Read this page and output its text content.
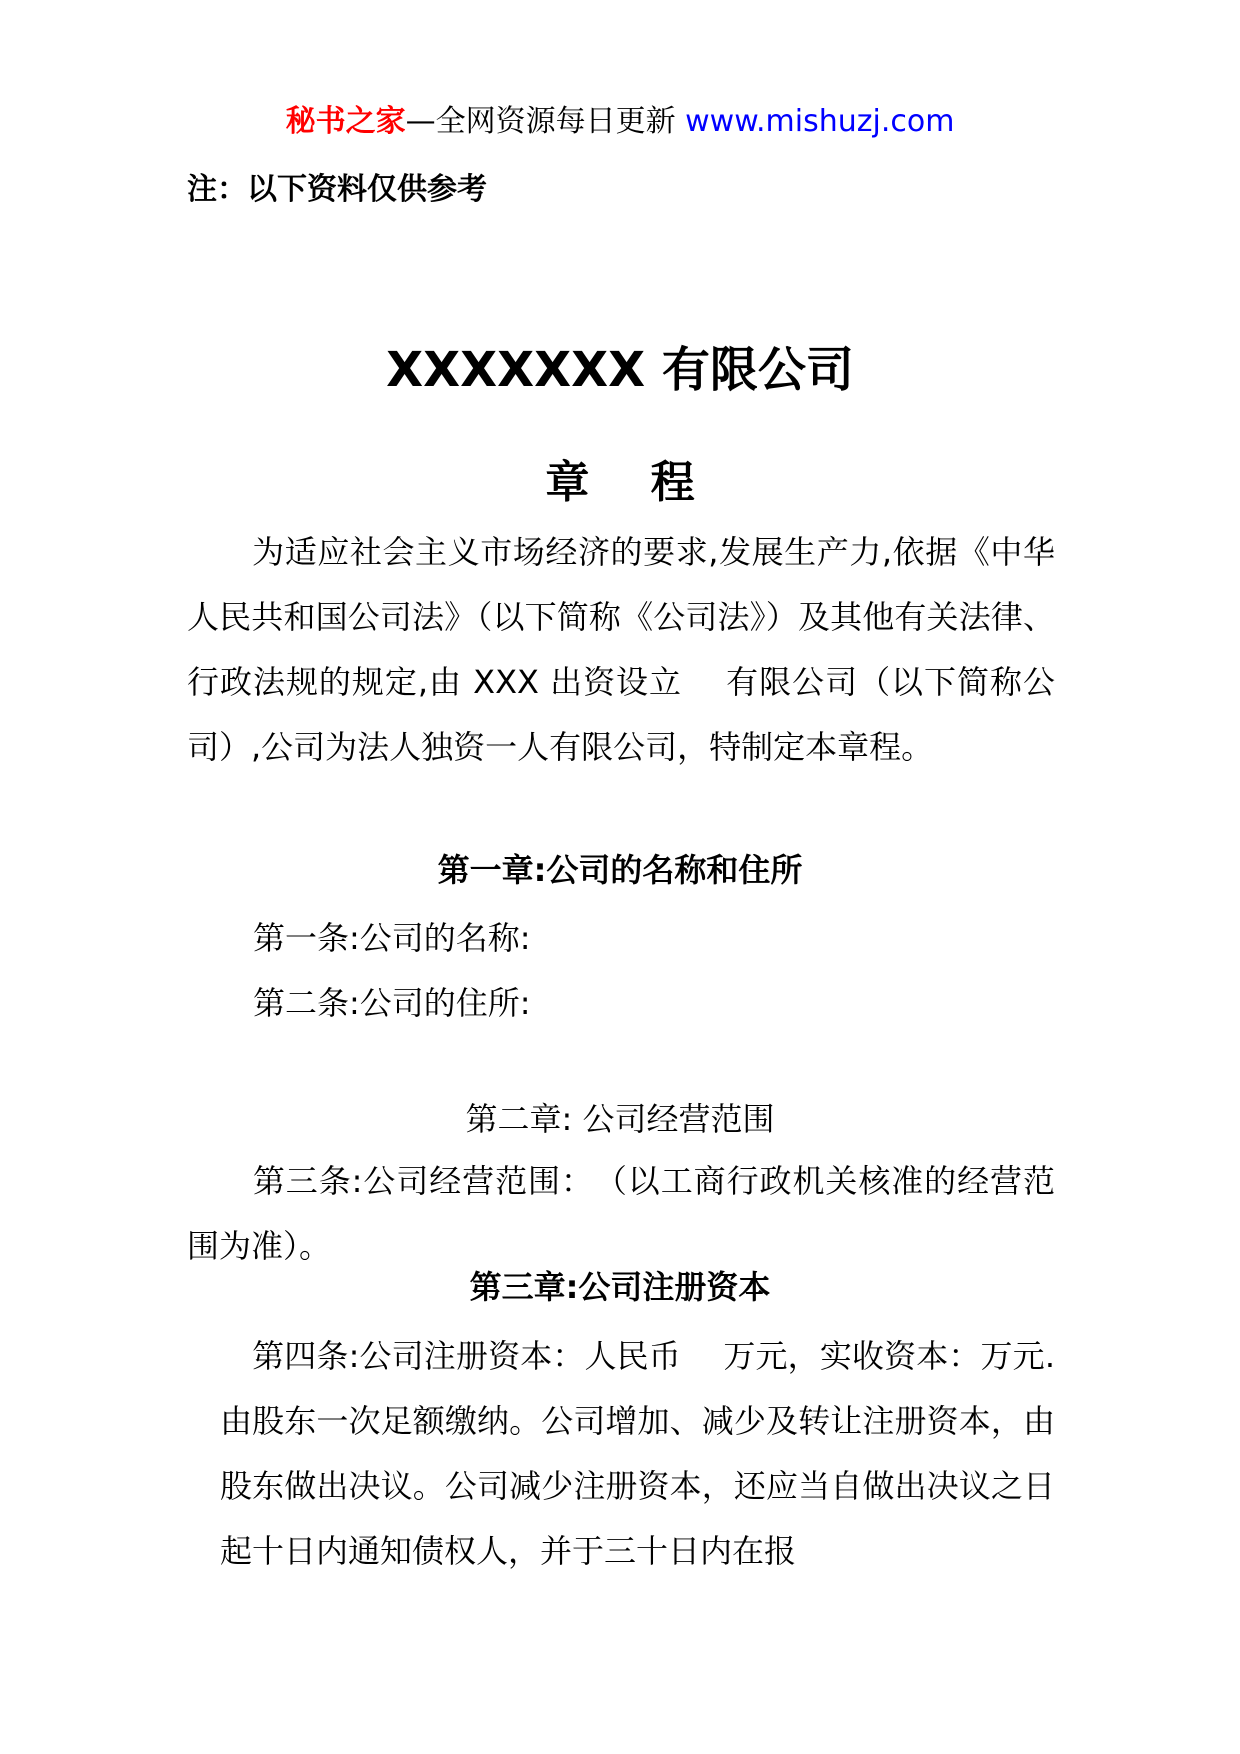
秘书之家—全网资源每日更新 www.mishuzj.com
注：以下资料仅供参考
XXXXXXX 有限公司
章    程
　　为适应社会主义市场经济的要求,发展生产力,依据《中华人民共和国公司法》（以下简称《公司法》）及其他有关法律、行政法规的规定,由 XXX 出资设立　 有限公司（以下简称公司）,公司为法人独资一人有限公司，特制定本章程。
第一章:公司的名称和住所
第一条:公司的名称:
第二条:公司的住所:
第二章: 公司经营范围
　　第三条:公司经营范围：　（以工商行政机关核准的经营范围为准）。
第三章:公司注册资本
　第四条:公司注册资本：人民币　 万元，实收资本：万元.由股东一次足额缴纳。公司增加、减少及转让注册资本，由股东做出决议。公司减少注册资本，还应当自做出决议之日起十日内通知债权人，并于三十日内在报
